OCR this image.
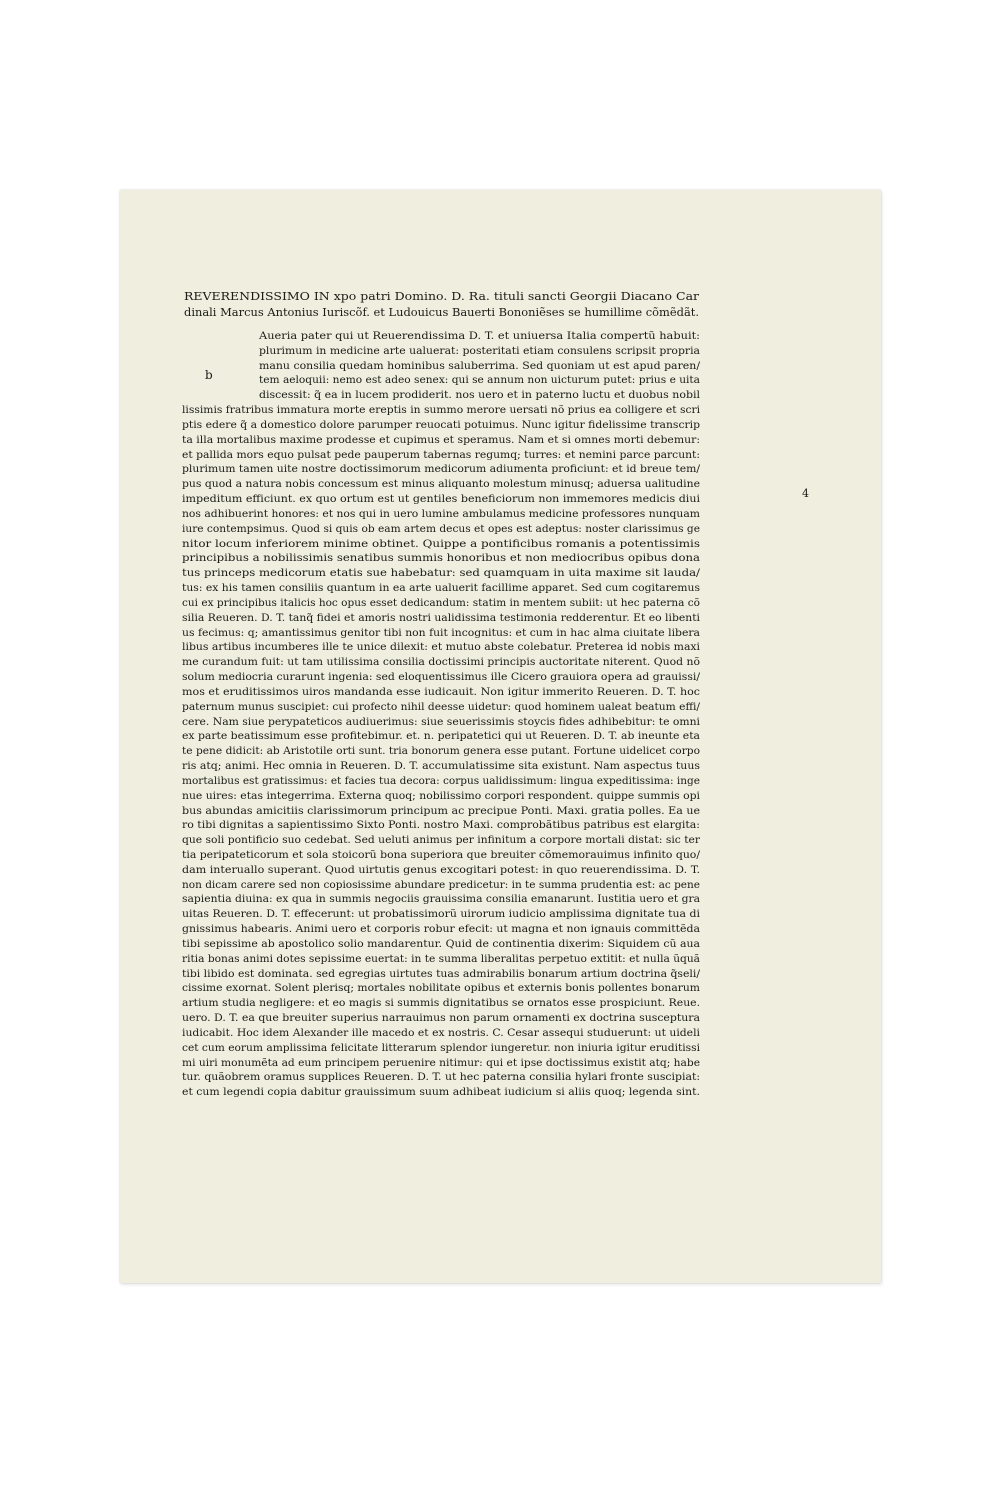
REVERENDISSIMO IN xpo patri Domino. D. Ra. tituli sancti Georgii Diacano Car
dinali Marcus Antonius Iuriscõf. et Ludouicus Bauerti Bononiẽses se humillime cõmẽdãt.
b
4
Aueria pater qui ut Reuerendissima D. T. et uniuersa Italia compertũ habuit:
plurimum in medicine arte ualuerat: posteritati etiam consulens scripsit propria
manu consilia quedam hominibus saluberrima. Sed quoniam ut est apud paren/
tem aeloquii: nemo est adeo senex: qui se annum non uicturum putet: prius e uita
discessit: q̃ ea in lucem prodiderit. nos uero et in paterno luctu et duobus nobil
lissimis fratribus immatura morte ereptis in summo merore uersati nõ prius ea colligere et scri
ptis edere q̃ a domestico dolore parumper reuocati potuimus. Nunc igitur fidelissime transcrip
ta illa mortalibus maxime prodesse et cupimus et speramus. Nam et si omnes morti debemur:
et pallida mors equo pulsat pede pauperum tabernas regumq; turres: et nemini parce parcunt:
plurimum tamen uite nostre doctissimorum medicorum adiumenta proficiunt: et id breue tem/
pus quod a natura nobis concessum est minus aliquanto molestum minusq; aduersa ualitudine
impeditum efficiunt. ex quo ortum est ut gentiles beneficiorum non immemores medicis diui
nos adhibuerint honores: et nos qui in uero lumine ambulamus medicine professores nunquam
iure contempsimus. Quod si quis ob eam artem decus et opes est adeptus: noster clarissimus ge
nitor locum inferiorem minime obtinet. Quippe a pontificibus romanis a potentissimis
principibus a nobilissimis senatibus summis honoribus et non mediocribus opibus dona
tus princeps medicorum etatis sue habebatur: sed quamquam in uita maxime sit lauda/
tus: ex his tamen consiliis quantum in ea arte ualuerit facillime apparet. Sed cum cogitaremus
cui ex principibus italicis hoc opus esset dedicandum: statim in mentem subiit: ut hec paterna cõ
silia Reueren. D. T. tanq̃ fidei et amoris nostri ualidissima testimonia redderentur. Et eo libenti
us fecimus: q; amantissimus genitor tibi non fuit incognitus: et cum in hac alma ciuitate libera
libus artibus incumberes ille te unice dilexit: et mutuo abste colebatur. Preterea id nobis maxi
me curandum fuit: ut tam utilissima consilia doctissimi principis auctoritate niterent. Quod nõ
solum mediocria curarunt ingenia: sed eloquentissimus ille Cicero grauiora opera ad grauissi/
mos et eruditissimos uiros mandanda esse iudicauit. Non igitur immerito Reueren. D. T. hoc
paternum munus suscipiet: cui profecto nihil deesse uidetur: quod hominem ualeat beatum effi/
cere. Nam siue perypateticos audiuerimus: siue seuerissimis stoycis fides adhibebitur: te omni
ex parte beatissimum esse profitebimur. et. n. peripatetici qui ut Reueren. D. T. ab ineunte eta
te pene didicit: ab Aristotile orti sunt. tria bonorum genera esse putant. Fortune uidelicet corpo
ris atq; animi. Hec omnia in Reueren. D. T. accumulatissime sita existunt. Nam aspectus tuus
mortalibus est gratissimus: et facies tua decora: corpus ualidissimum: lingua expeditissima: inge
nue uires: etas integerrima. Externa quoq; nobilissimo corpori respondent. quippe summis opi
bus abundas amicitiis clarissimorum principum ac precipue Ponti. Maxi. gratia polles. Ea ue
ro tibi dignitas a sapientissimo Sixto Ponti. nostro Maxi. comprobãtibus patribus est elargita:
que soli pontificio suo cedebat. Sed ueluti animus per infinitum a corpore mortali distat: sic ter
tia peripateticorum et sola stoicorũ bona superiora que breuiter cõmemorauimus infinito quo/
dam interuallo superant. Quod uirtutis genus excogitari potest: in quo reuerendissima. D. T.
non dicam carere sed non copiosissime abundare predicetur: in te summa prudentia est: ac pene
sapientia diuina: ex qua in summis negociis grauissima consilia emanarunt. Iustitia uero et gra
uitas Reueren. D. T. effecerunt: ut probatissimorũ uirorum iudicio amplissima dignitate tua di
gnissimus habearis. Animi uero et corporis robur efecit: ut magna et non ignauis committẽda
tibi sepissime ab apostolico solio mandarentur. Quid de continentia dixerim: Siquidem cũ aua
ritia bonas animi dotes sepissime euertat: in te summa liberalitas perpetuo extitit: et nulla ũquã
tibi libido est dominata. sed egregias uirtutes tuas admirabilis bonarum artium doctrina q̃seli/
cissime exornat. Solent plerisq; mortales nobilitate opibus et externis bonis pollentes bonarum
artium studia negligere: et eo magis si summis dignitatibus se ornatos esse prospiciunt. Reue.
uero. D. T. ea que breuiter superius narrauimus non parum ornamenti ex doctrina susceptura
iudicabit. Hoc idem Alexander ille macedo et ex nostris. C. Cesar assequi studuerunt: ut uideli
cet cum eorum amplissima felicitate litterarum splendor iungeretur. non iniuria igitur eruditissi
mi uiri monumẽta ad eum principem peruenire nitimur: qui et ipse doctissimus existit atq; habe
tur. quãobrem oramus supplices Reueren. D. T. ut hec paterna consilia hylari fronte suscipiat:
et cum legendi copia dabitur grauissimum suum adhibeat iudicium si aliis quoq; legenda sint.
